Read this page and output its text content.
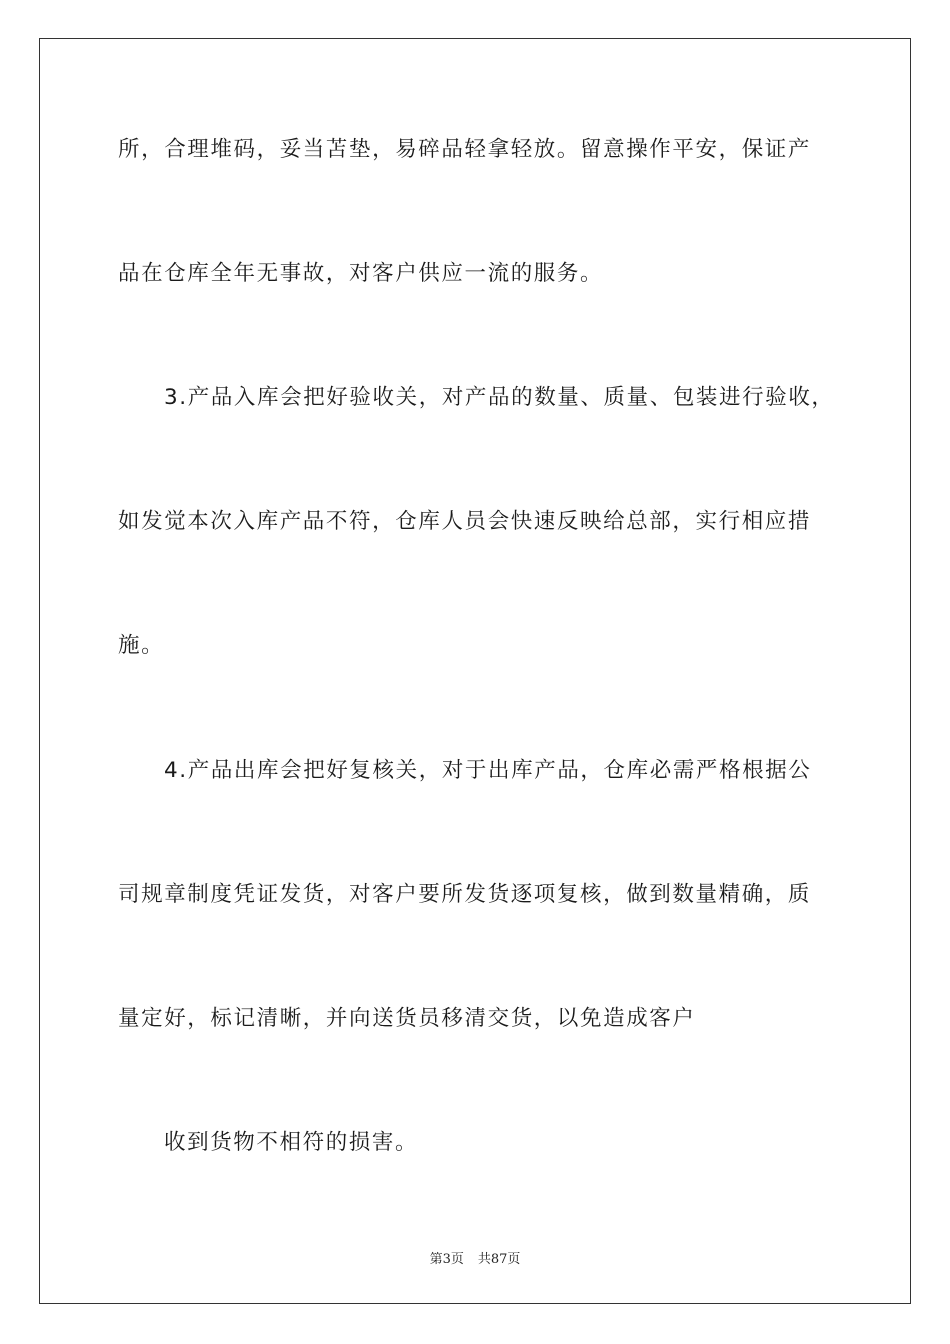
所，合理堆码，妥当苫垫，易碎品轻拿轻放。留意操作平安，保证产
品在仓库全年无事故，对客户供应一流的服务。
3.产品入库会把好验收关，对产品的数量、质量、包装进行验收，
如发觉本次入库产品不符，仓库人员会快速反映给总部，实行相应措
施。
4.产品出库会把好复核关，对于出库产品，仓库必需严格根据公
司规章制度凭证发货，对客户要所发货逐项复核，做到数量精确，质
量定好，标记清晰，并向送货员移清交货，以免造成客户
收到货物不相符的损害。
第3页 共87页
